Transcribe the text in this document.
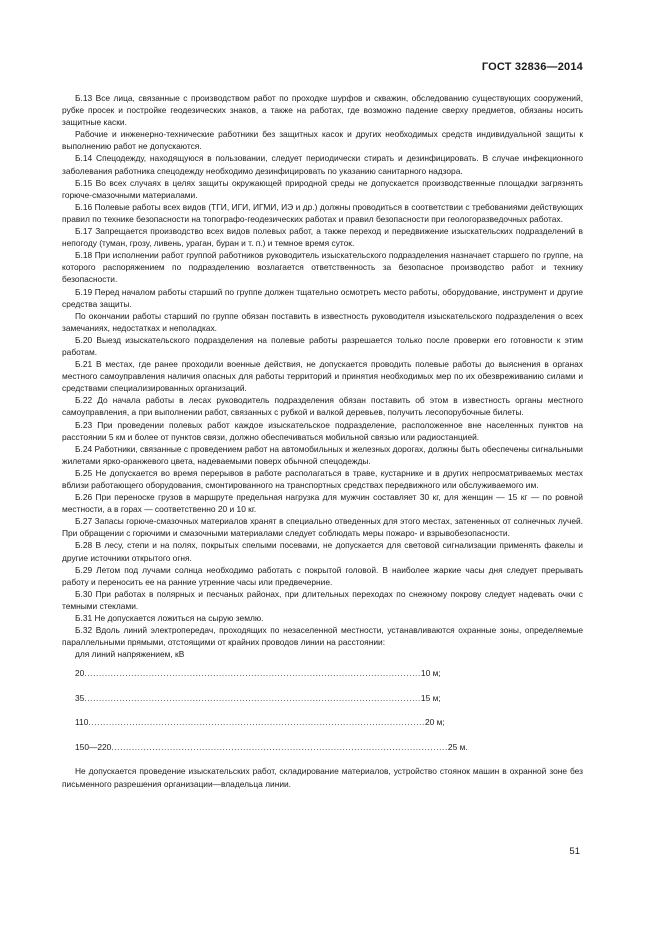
ГОСТ 32836—2014

Б.13 Все лица, связанные с производством работ по проходке шурфов и скважин, обследованию существующих сооружений, рубке просек и постройке геодезических знаков, а также на работах, где возможно падение сверху предметов, обязаны носить защитные каски.

Рабочие и инженерно-технические работники без защитных касок и других необходимых средств индивидуальной защиты к выполнению работ не допускаются.

Б.14 Спецодежду, находящуюся в пользовании, следует периодически стирать и дезинфицировать. В случае инфекционного заболевания работника спецодежду необходимо дезинфицировать по указанию санитарного надзора.

Б.15 Во всех случаях в целях защиты окружающей природной среды не допускается производственные площадки загрязнять горюче-смазочными материалами.

Б.16 Полевые работы всех видов (ТГИ, ИГИ, ИГМИ, ИЭ и др.) должны проводиться в соответствии с требованиями действующих правил по технике безопасности на топографо-геодезических работах и правил безопасности при геологоразведочных работах.

Б.17 Запрещается производство всех видов полевых работ, а также переход и передвижение изыскательских подразделений в непогоду (туман, грозу, ливень, ураган, буран и т. п.) и темное время суток.

Б.18 При исполнении работ группой работников руководитель изыскательского подразделения назначает старшего по группе, на которого распоряжением по подразделению возлагается ответственность за безопасное производство работ и технику безопасности.

Б.19 Перед началом работы старший по группе должен тщательно осмотреть место работы, оборудование, инструмент и другие средства защиты.

По окончании работы старший по группе обязан поставить в известность руководителя изыскательского подразделения о всех замечаниях, недостатках и неполадках.

Б.20 Выезд изыскательского подразделения на полевые работы разрешается только после проверки его готовности к этим работам.

Б.21 В местах, где ранее проходили военные действия, не допускается проводить полевые работы до выяснения в органах местного самоуправления наличия опасных для работы территорий и принятия необходимых мер по их обезвреживанию силами и средствами специализированных организаций.

Б.22 До начала работы в лесах руководитель подразделения обязан поставить об этом в известность органы местного самоуправления, а при выполнении работ, связанных с рубкой и валкой деревьев, получить лесопорубочные билеты.

Б.23 При проведении полевых работ каждое изыскательское подразделение, расположенное вне населенных пунктов на расстоянии 5 км и более от пунктов связи, должно обеспечиваться мобильной связью или радиостанцией.

Б.24 Работники, связанные с проведением работ на автомобильных и железных дорогах, должны быть обеспечены сигнальными жилетами ярко-оранжевого цвета, надеваемыми поверх обычной спецодежды.

Б.25 Не допускается во время перерывов в работе располагаться в траве, кустарнике и в других непросматриваемых местах вблизи работающего оборудования, смонтированного на транспортных средствах передвижного или обслуживаемого им.

Б.26 При переноске грузов в маршруте предельная нагрузка для мужчин составляет 30 кг, для женщин — 15 кг — по ровной местности, а в горах — соответственно 20 и 10 кг.

Б.27 Запасы горюче-смазочных материалов хранят в специально отведенных для этого местах, затененных от солнечных лучей. При обращении с горючими и смазочными материалами следует соблюдать меры пожаро- и взрывобезопасности.

Б.28 В лесу, степи и на полях, покрытых спелыми посевами, не допускается для световой сигнализации применять факелы и другие источники открытого огня.

Б.29 Летом под лучами солнца необходимо работать с покрытой головой. В наиболее жаркие часы дня следует прерывать работу и переносить ее на ранние утренние часы или предвечерние.

Б.30 При работах в полярных и песчаных районах, при длительных переходах по снежному покрову следует надевать очки с темными стеклами.

Б.31 Не допускается ложиться на сырую землю.

Б.32 Вдоль линий электропередач, проходящих по незаселенной местности, устанавливаются охранные зоны, определяемые параллельными прямыми, отстоящими от крайних проводов линии на расстоянии:

для линий напряжением, кВ

20 ................................................................................................................... 10 м;
35 ................................................................................................................... 15 м;
110 ................................................................................................................... 20 м;
150—220 ................................................................................................................... 25 м.

Не допускается проведение изыскательских работ, складирование материалов, устройство стоянок машин в охранной зоне без письменного разрешения организации—владельца линии.

51
